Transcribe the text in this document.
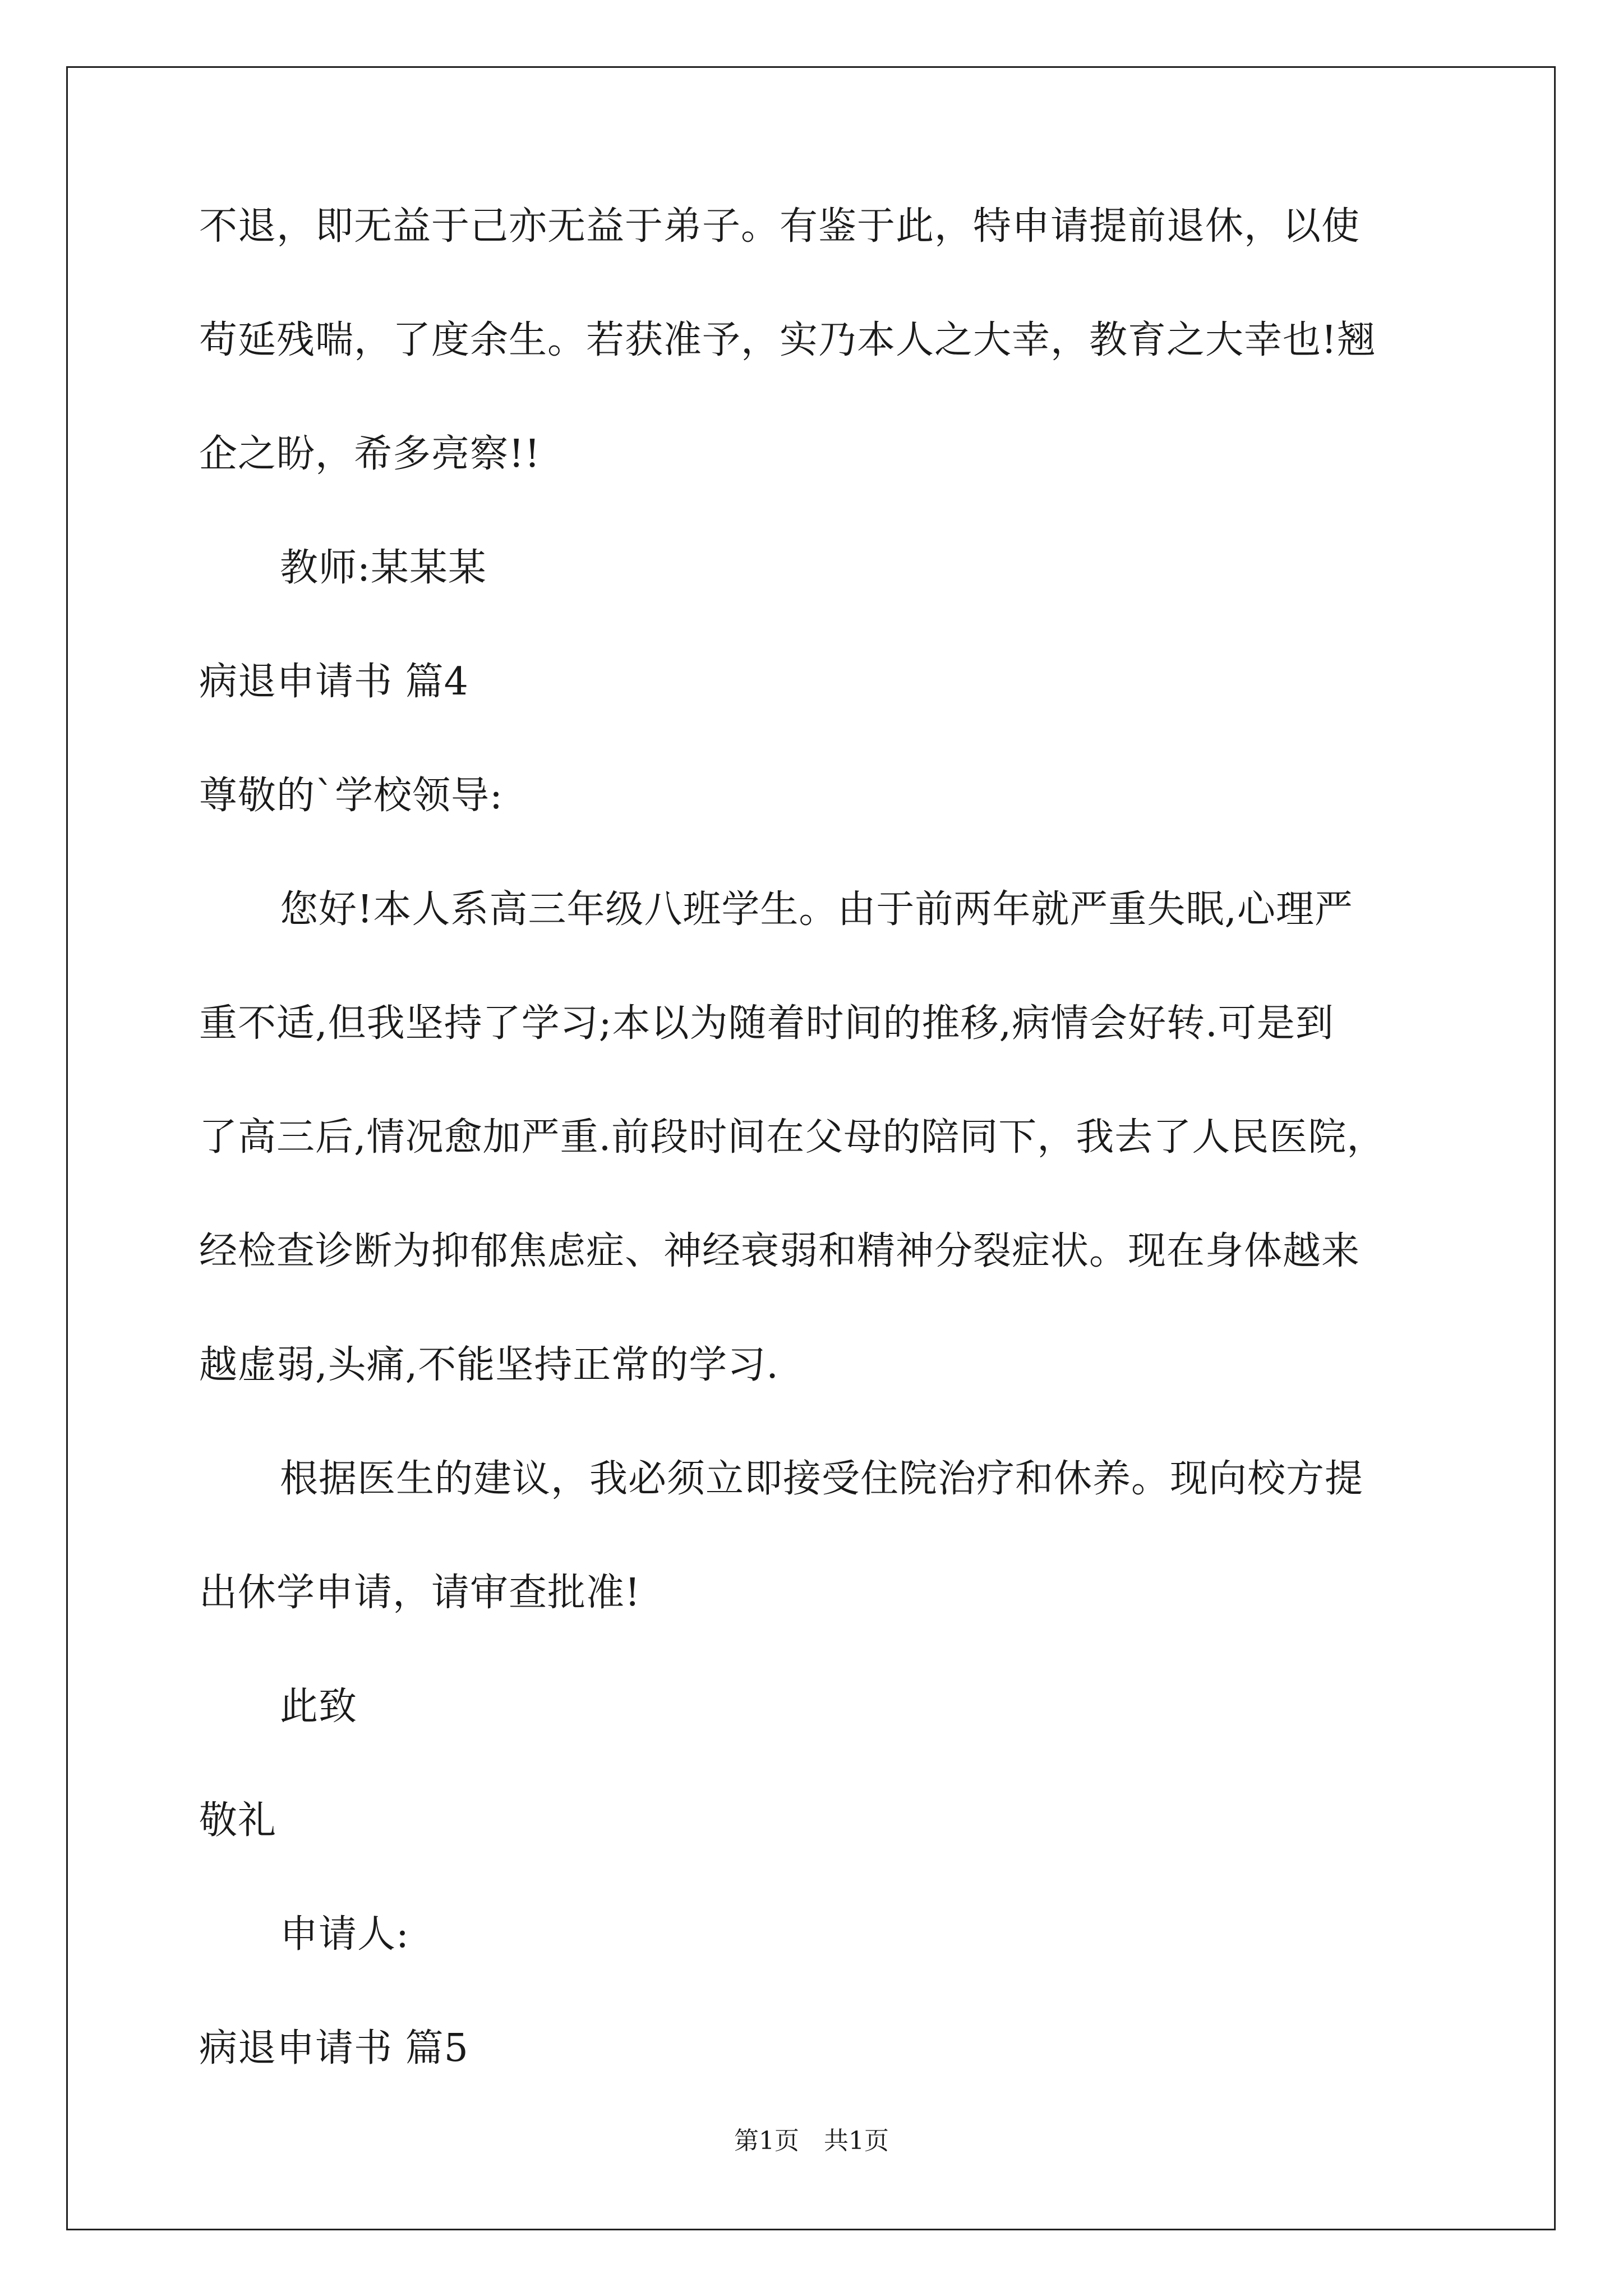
不退，即无益于己亦无益于弟子。有鉴于此，特申请提前退休，以使
苟延残喘，了度余生。若获准予，实乃本人之大幸，教育之大幸也!翘
企之盼，希多亮察!!
教师:某某某
病退申请书 篇4
尊敬的`学校领导:
您好!本人系高三年级八班学生。由于前两年就严重失眠,心理严
重不适,但我坚持了学习;本以为随着时间的推移,病情会好转.可是到
了高三后,情况愈加严重.前段时间在父母的陪同下，我去了人民医院，
经检查诊断为抑郁焦虑症、神经衰弱和精神分裂症状。现在身体越来
越虚弱,头痛,不能坚持正常的学习.
根据医生的建议，我必须立即接受住院治疗和休养。现向校方提
出休学申请，请审查批准!
此致
敬礼
申请人:
病退申请书 篇5
第1页 共1页
